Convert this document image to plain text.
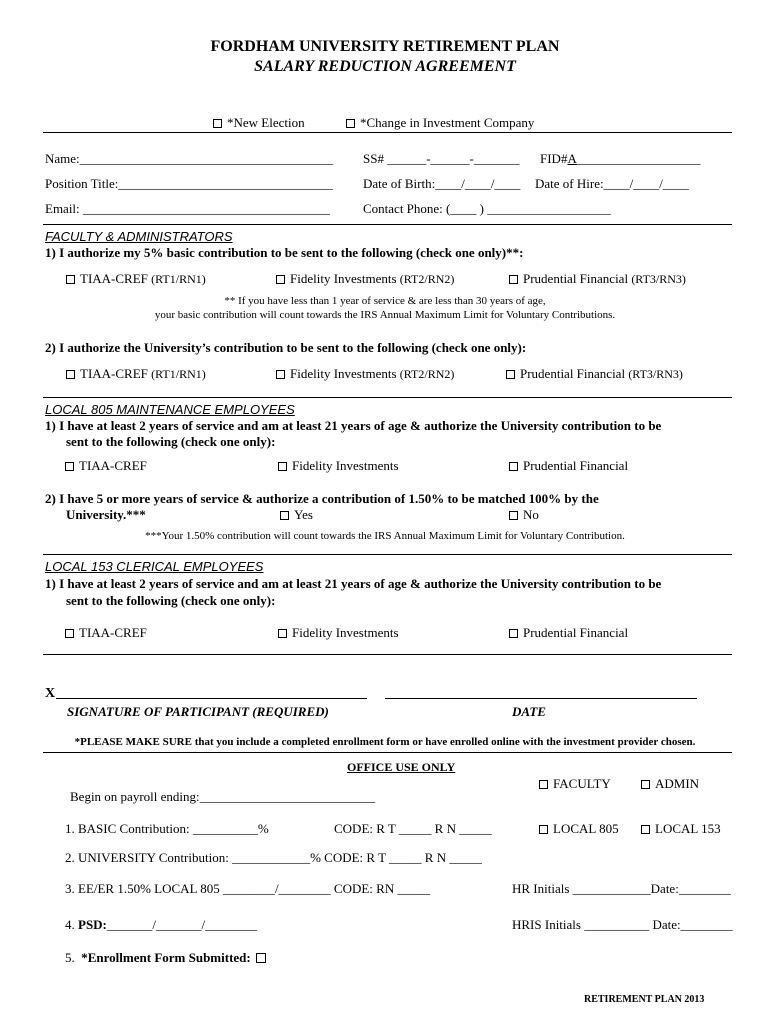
FORDHAM UNIVERSITY RETIREMENT PLAN
SALARY REDUCTION AGREEMENT
*New Election	*Change in Investment Company
Name:_______________________________________ SS# ______-______-_______ FID#A___________________
Position Title:_________________________________ Date of Birth:____/____/____ Date of Hire:____/____/____
Email: ______________________________________	Contact Phone: (____ ) ___________________
FACULTY & ADMINISTRATORS
1) I authorize my 5% basic contribution to be sent to the following (check one only)**:
TIAA-CREF (RT1/RN1)	Fidelity Investments (RT2/RN2)	Prudential Financial (RT3/RN3)
** If you have less than 1 year of service & are less than 30 years of age,
your basic contribution will count towards the IRS Annual Maximum Limit for Voluntary Contributions.
2) I authorize the University’s contribution to be sent to the following (check one only):
TIAA-CREF (RT1/RN1)	Fidelity Investments (RT2/RN2)	Prudential Financial (RT3/RN3)
LOCAL 805 MAINTENANCE EMPLOYEES
1) I have at least 2 years of service and am at least 21 years of age & authorize the University contribution to be
sent to the following (check one only):
TIAA-CREF	Fidelity Investments	Prudential Financial
2) I have 5 or more years of service & authorize a contribution of 1.50% to be matched 100% by the
University.***	Yes	No
***Your 1.50% contribution will count towards the IRS Annual Maximum Limit for Voluntary Contribution.
LOCAL 153 CLERICAL EMPLOYEES
1) I have at least 2 years of service and am at least 21 years of age & authorize the University contribution to be
sent to the following (check one only):
TIAA-CREF	Fidelity Investments	Prudential Financial
X
SIGNATURE OF PARTICIPANT (REQUIRED)	DATE
*PLEASE MAKE SURE that you include a completed enrollment form or have enrolled online with the investment provider chosen.
OFFICE USE ONLY
FACULTY	ADMIN
Begin on payroll ending:___________________________
1. BASIC Contribution: __________%	CODE: R T _____ R N _____	LOCAL 805	LOCAL 153
2. UNIVERSITY Contribution: ____________% CODE: R T _____ R N _____
3. EE/ER 1.50% LOCAL 805 ________/________ CODE: RN _____	HR Initials ____________Date:________
4. PSD:_______/_______/________	HRIS Initials __________ Date:________
5. *Enrollment Form Submitted:
RETIREMENT PLAN 2013
